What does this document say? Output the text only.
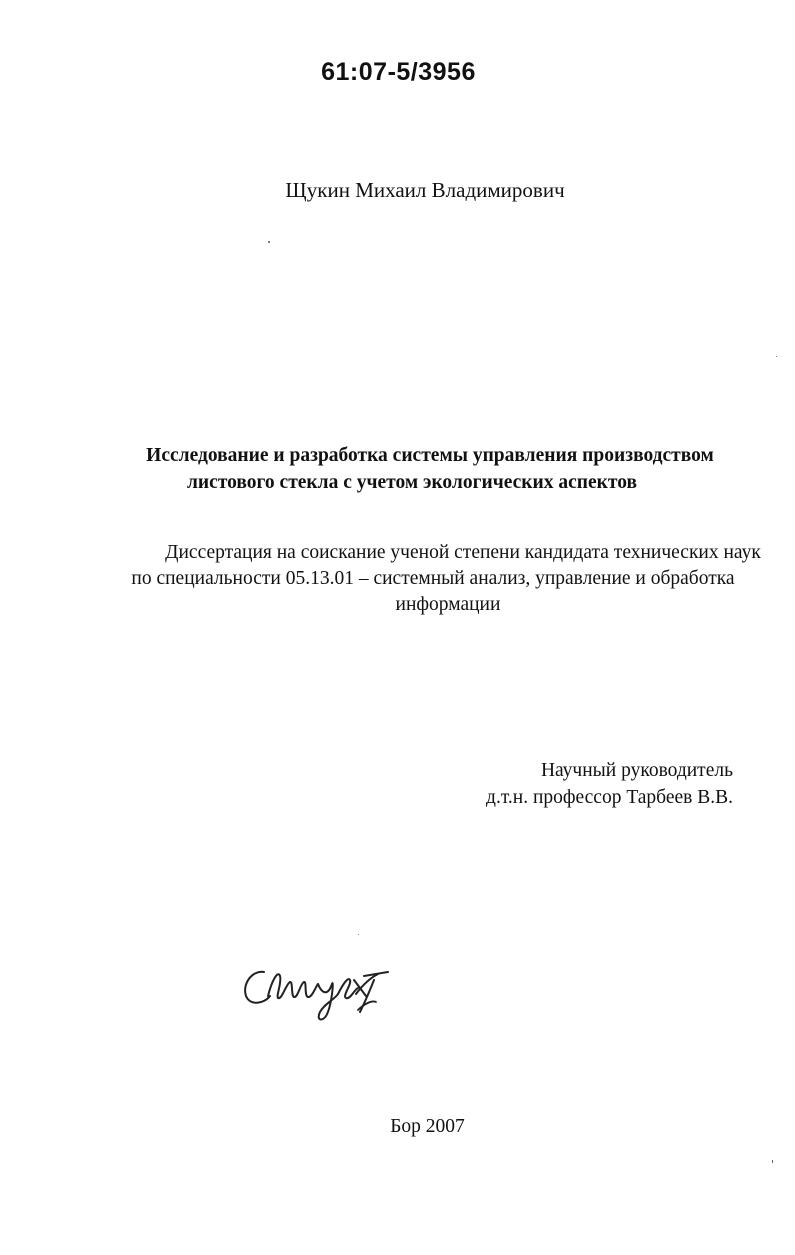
61:07-5/3956
Щукин Михаил Владимирович
Исследование и разработка системы управления производством
листового стекла с учетом экологических аспектов
Диссертация на соискание ученой степени кандидата технических наук
по специальности 05.13.01 – системный анализ, управление и обработка
информации
Научный руководитель
д.т.н. профессор Тарбеев В.В.
Бор 2007
